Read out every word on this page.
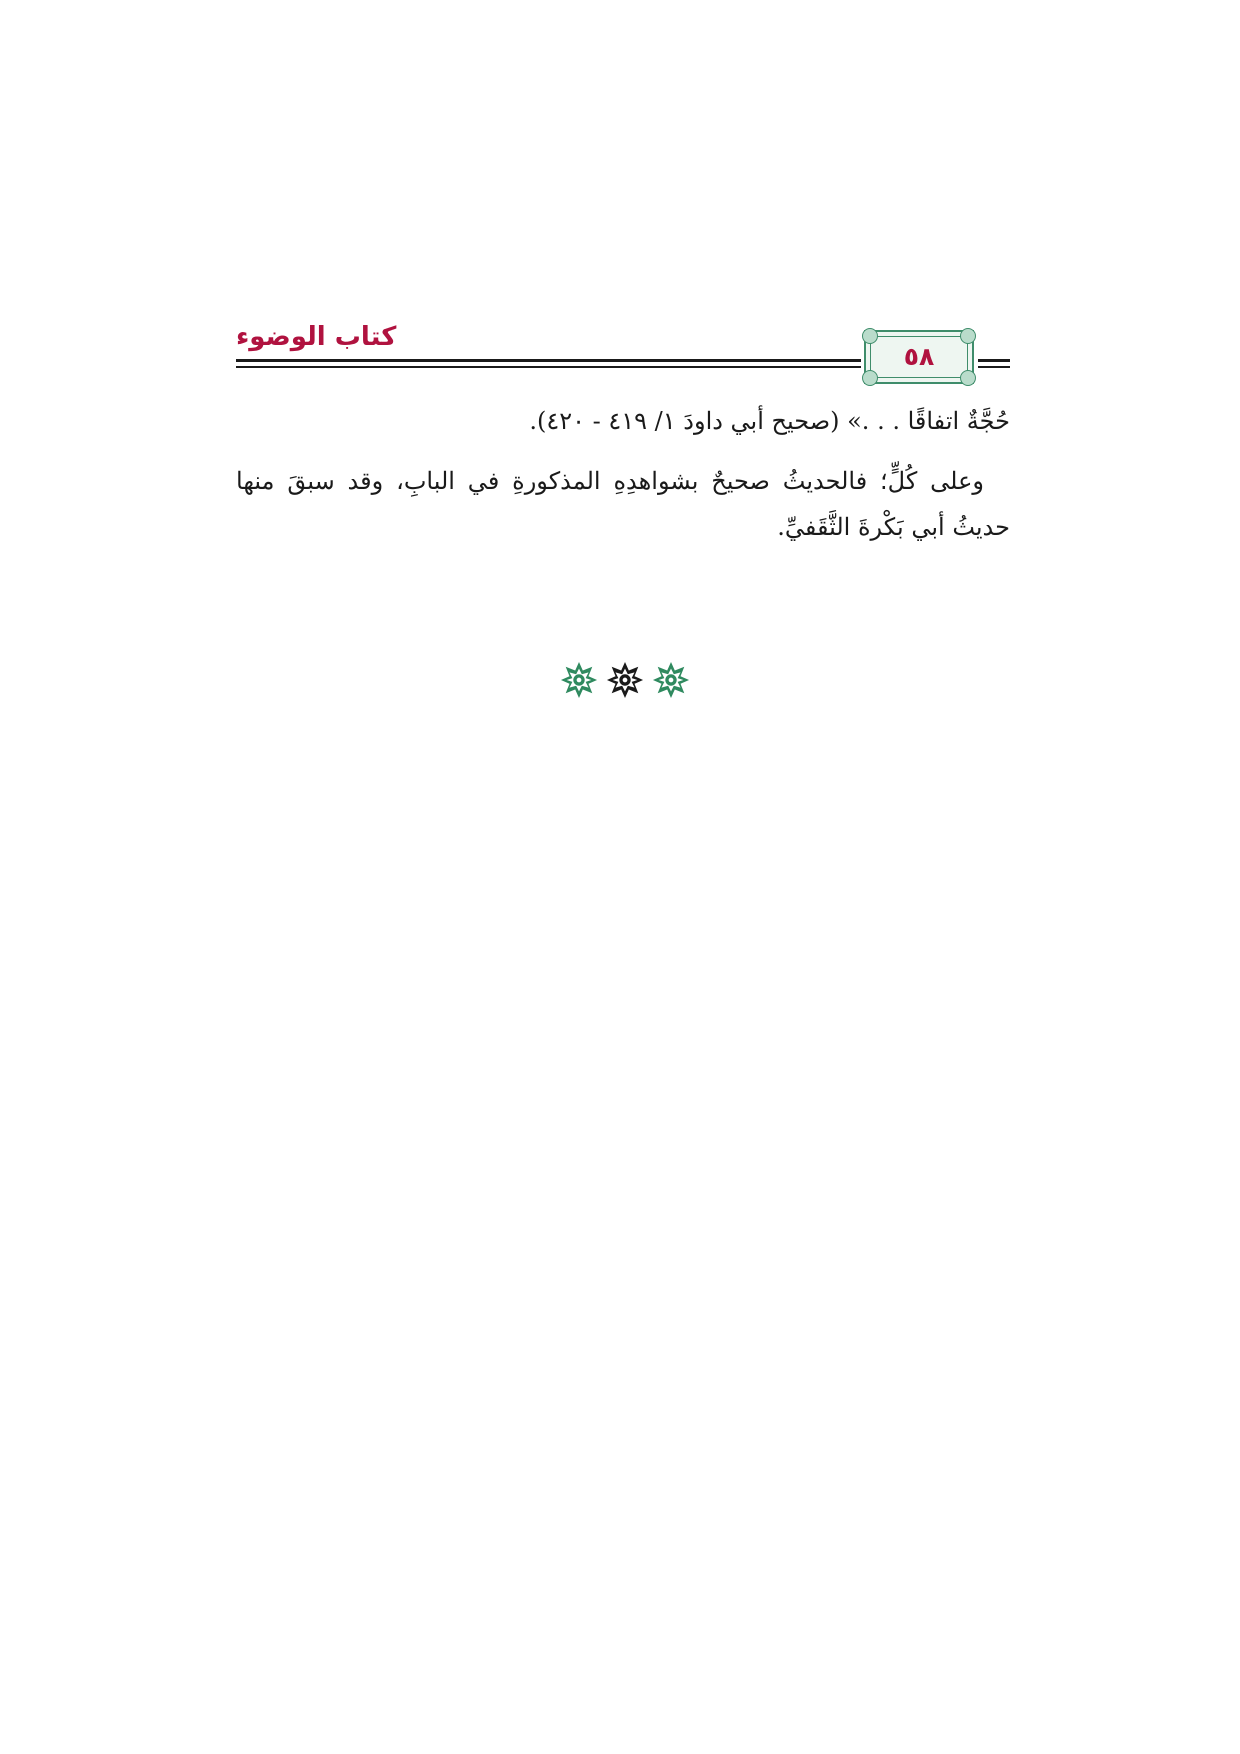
كتاب الوضوء
٥٨

حُجَّةٌ اتفاقًا . . .» (صحيح أبي داودَ ١/ ٤١٩ - ٤٢٠).

وعلى كُلٍّ؛ فالحديثُ صحيحٌ بشواهدِهِ المذكورةِ في البابِ، وقد سبقَ منها حديثُ أبي بَكْرةَ الثَّقَفيِّ.
